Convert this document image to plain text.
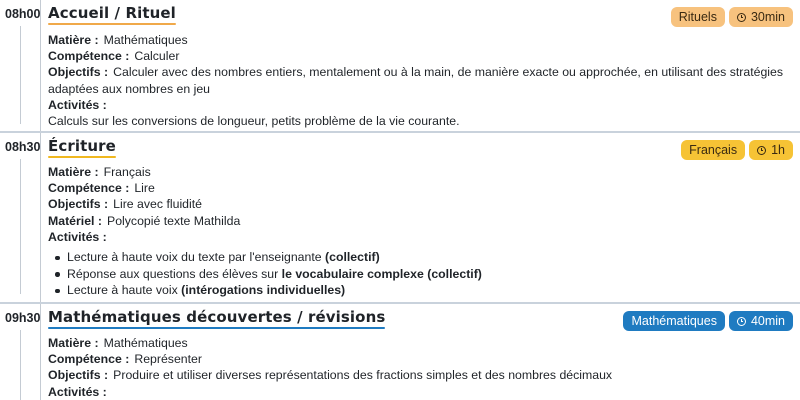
08h00 Accueil / Rituel	Rituels	30min
Matière : Mathématiques
Compétence : Calculer
Objectifs : Calculer avec des nombres entiers, mentalement ou à la main, de manière exacte ou approchée, en utilisant des stratégies adaptées aux nombres en jeu
Activités :
Calculs sur les conversions de longueur, petits problème de la vie courante.
08h30 Écriture	Français	1h
Matière : Français
Compétence : Lire
Objectifs : Lire avec fluidité
Matériel : Polycopié texte Mathilda
Activités :
Lecture à haute voix du texte par l'enseignante (collectif)
Réponse aux questions des élèves sur le vocabulaire complexe (collectif)
Lecture à haute voix (intérogations individuelles)
09h30 Mathématiques découvertes / révisions	Mathématiques	40min
Matière : Mathématiques
Compétence : Représenter
Objectifs : Produire et utiliser diverses représentations des fractions simples et des nombres décimaux
Activités :
